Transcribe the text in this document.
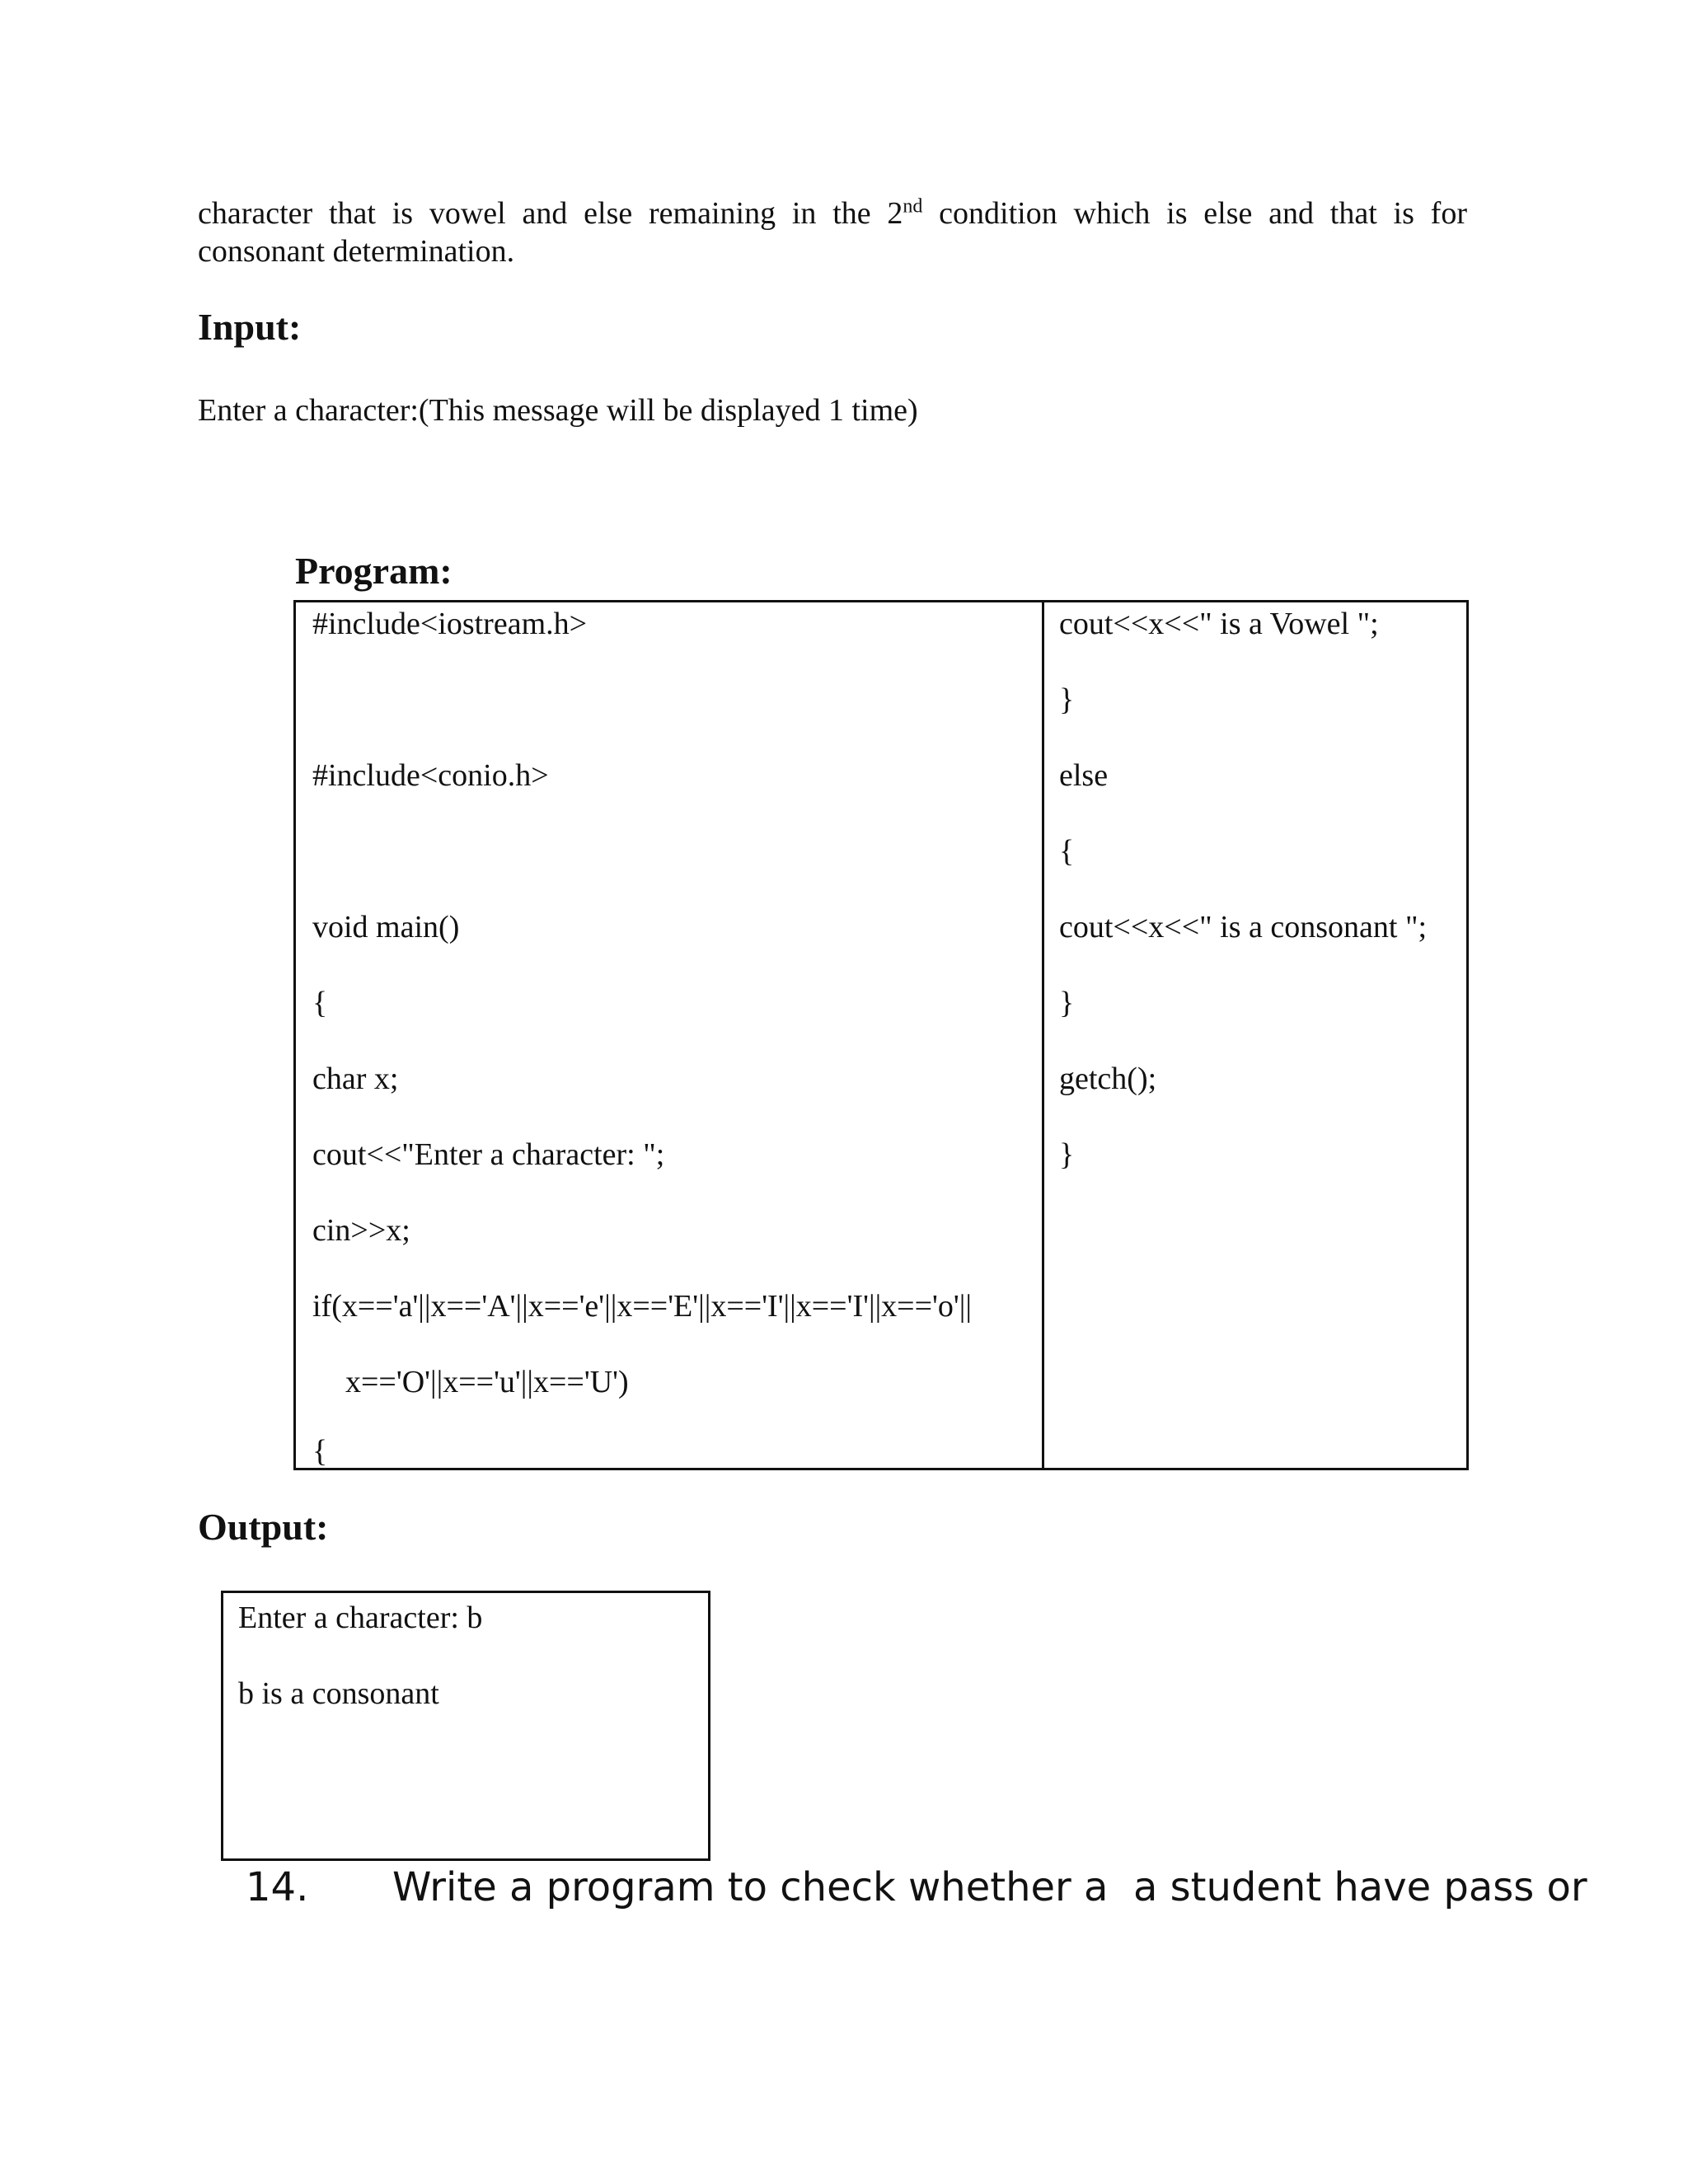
character that is vowel and else remaining in the 2nd condition which is else and that is for
consonant determination.
Input:
Enter a character:(This message will be displayed 1 time)
Program:
#include<iostream.h>
#include<conio.h>
void main()
{
char x;
cout<<"Enter a character: ";
cin>>x;
if(x=='a'||x=='A'||x=='e'||x=='E'||x=='I'||x=='I'||x=='o'||
x=='O'||x=='u'||x=='U')
{
cout<<x<<" is a Vowel ";
}
else
{
cout<<x<<" is a consonant ";
}
getch();
}
Output:
Enter a character: b
b is a consonant
14. Write a program to check whether a  a student have pass or
